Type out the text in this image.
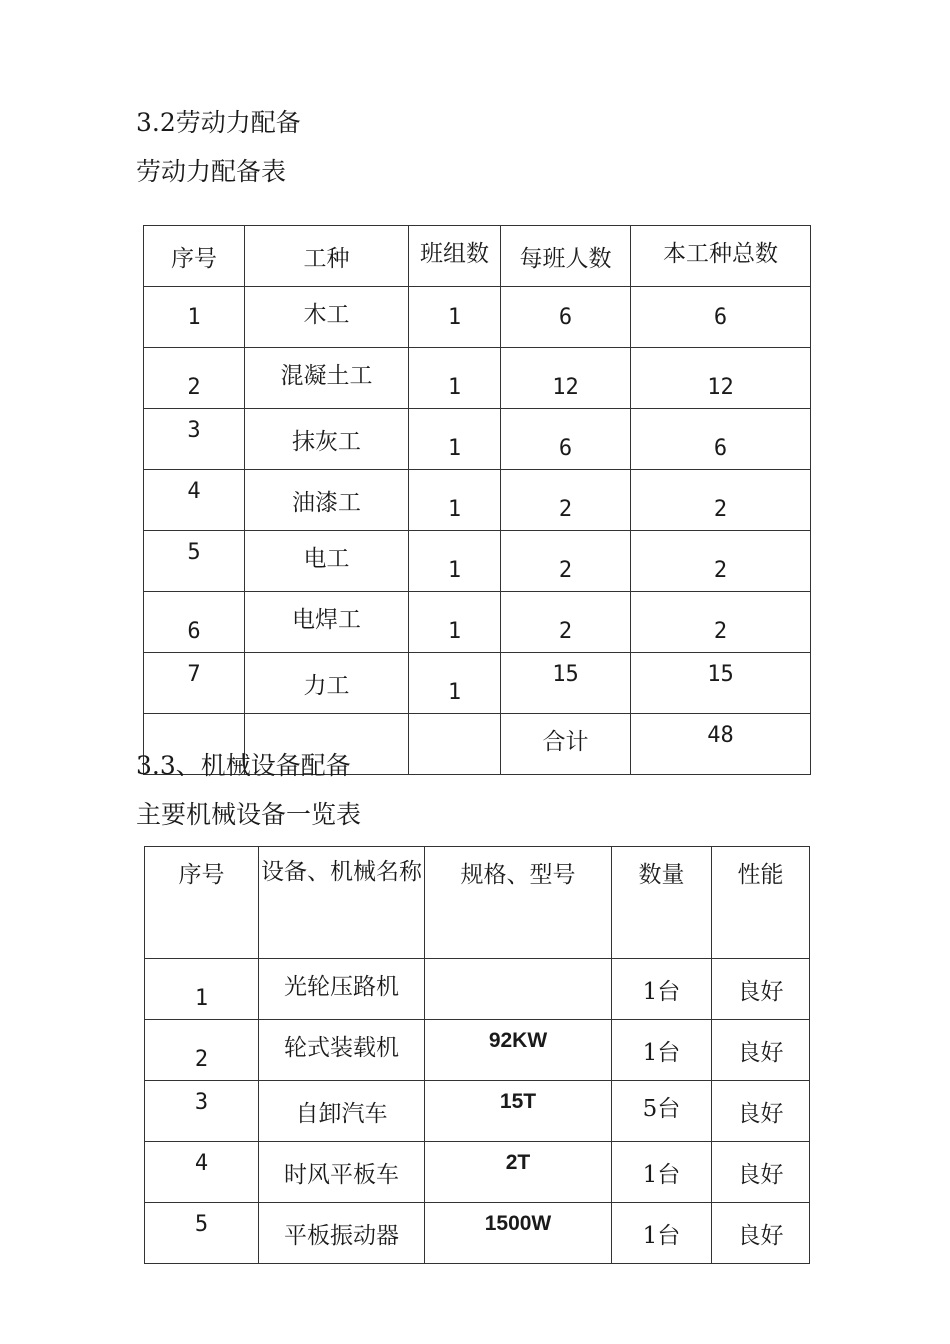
3.2劳动力配备
劳动力配备表
序号	工种	班组数	每班人数	本工种总数
1	木工	1	6	6
2	混凝土工	1	12	12
3	抹灰工	1	6	6
4	油漆工	1	2	2
5	电工	1	2	2
6	电焊工	1	2	2
7	力工	1	15	15
			合计	48
3.3、机械设备配备
主要机械设备一览表
序号	设备、机械名称	规格、型号	数量	性能
1	光轮压路机		1台	良好
2	轮式装载机	92KW	1台	良好
3	自卸汽车	15T	5台	良好
4	时风平板车	2T	1台	良好
5	平板振动器	1500W	1台	良好
